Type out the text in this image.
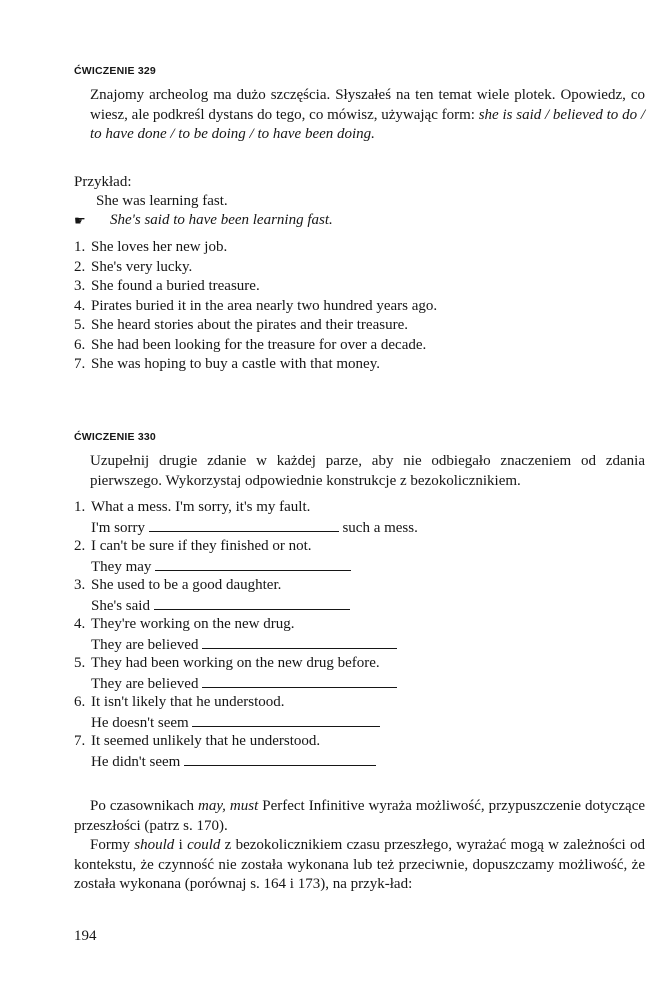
ĆWICZENIE 329
Znajomy archeolog ma dużo szczęścia. Słyszałeś na ten temat wiele plotek. Opowiedz, co wiesz, ale podkreśl dystans do tego, co mówisz, używając form: she is said / believed to do / to have done / to be doing / to have been doing.
Przykład:
She was learning fast.
☛ She's said to have been learning fast.
1. She loves her new job.
2. She's very lucky.
3. She found a buried treasure.
4. Pirates buried it in the area nearly two hundred years ago.
5. She heard stories about the pirates and their treasure.
6. She had been looking for the treasure for over a decade.
7. She was hoping to buy a castle with that money.
ĆWICZENIE 330
Uzupełnij drugie zdanie w każdej parze, aby nie odbiegało znaczeniem od zdania pierwszego. Wykorzystaj odpowiednie konstrukcje z bezokolicznikiem.
1. What a mess. I'm sorry, it's my fault.
I'm sorry	such a mess.
2. I can't be sure if they finished or not.
They may
3. She used to be a good daughter.
She's said
4. They're working on the new drug.
They are believed
5. They had been working on the new drug before.
They are believed
6. It isn't likely that he understood.
He doesn't seem
7. It seemed unlikely that he understood.
He didn't seem
Po czasownikach may, must Perfect Infinitive wyraża możliwość, przypuszczenie dotyczące przeszłości (patrz s. 170).
Formy should i could z bezokolicznikiem czasu przeszłego, wyrażać mogą w zależności od kontekstu, że czynność nie została wykonana lub też przeciwnie, dopuszczamy możliwość, że została wykonana (porównaj s. 164 i 173), na przyk-ład:
194
